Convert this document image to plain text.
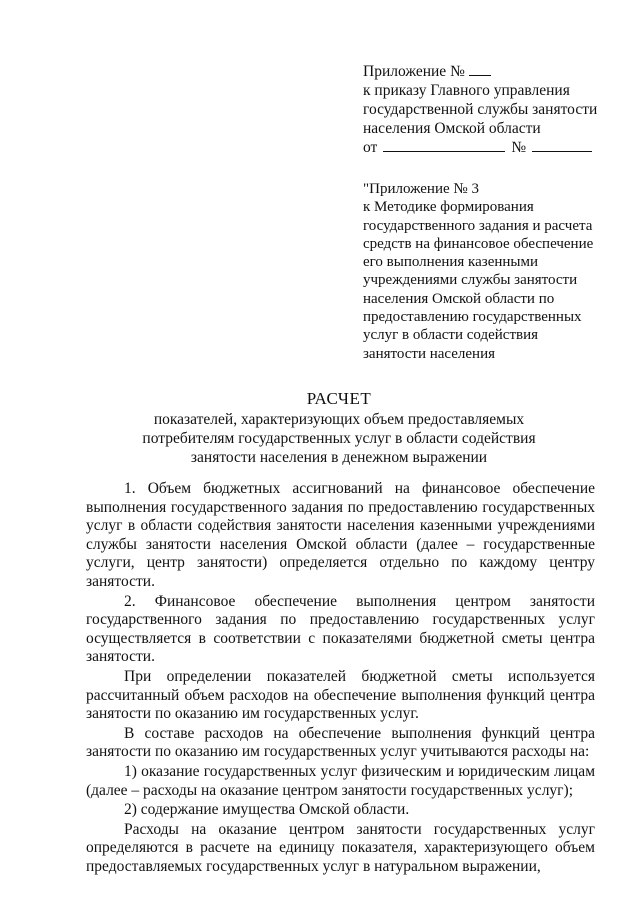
Приложение №
к приказу Главного управления
государственной службы занятости
населения Омской области
от	№
"Приложение № 3
к Методике формирования
государственного задания и расчета
средств на финансовое обеспечение
его выполнения казенными
учреждениями службы занятости
населения Омской области по
предоставлению государственных
услуг в области содействия
занятости населения
РАСЧЕТ
показателей, характеризующих объем предоставляемых
потребителям государственных услуг в области содействия
занятости населения в денежном выражении

1. Объем бюджетных ассигнований на финансовое обеспечение выполнения государственного задания по предоставлению государственных услуг в области содействия занятости населения казенными учреждениями службы занятости населения Омской области (далее – государственные услуги, центр занятости) определяется отдельно по каждому центру занятости.

2. Финансовое обеспечение выполнения центром занятости государственного задания по предоставлению государственных услуг осуществляется в соответствии с показателями бюджетной сметы центра занятости.

При определении показателей бюджетной сметы используется рассчитанный объем расходов на обеспечение выполнения функций центра занятости по оказанию им государственных услуг.

В составе расходов на обеспечение выполнения функций центра занятости по оказанию им государственных услуг учитываются расходы на:

1) оказание государственных услуг физическим и юридическим лицам (далее – расходы на оказание центром занятости государственных услуг);

2) содержание имущества Омской области.

Расходы на оказание центром занятости государственных услуг определяются в расчете на единицу показателя, характеризующего объем предоставляемых государственных услуг в натуральном выражении,
